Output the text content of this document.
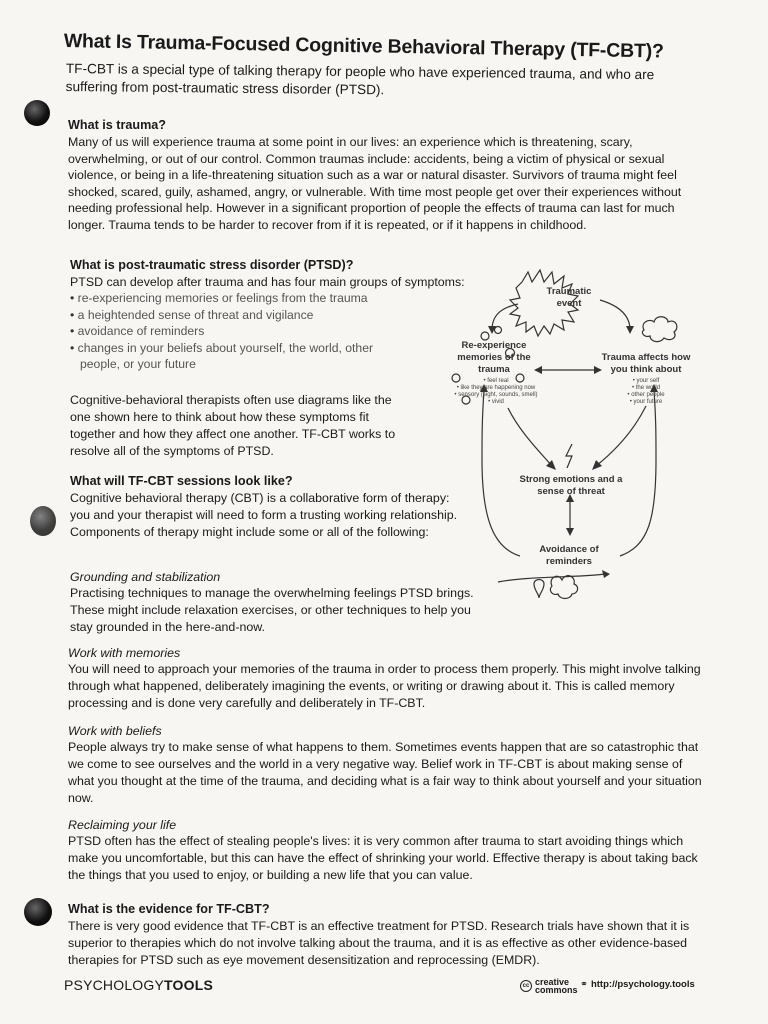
What Is Trauma-Focused Cognitive Behavioral Therapy (TF-CBT)?

TF-CBT is a special type of talking therapy for people who have experienced trauma, and who are suffering from post-traumatic stress disorder (PTSD).

What is trauma?

Many of us will experience trauma at some point in our lives: an experience which is threatening, scary, overwhelming, or out of our control. Common traumas include: accidents, being a victim of physical or sexual violence, or being in a life-threatening situation such as a war or natural disaster. Survivors of trauma might feel shocked, scared, guily, ashamed, angry, or vulnerable. With time most people get over their experiences without needing professional help. However in a significant proportion of people the effects of trauma can last for much longer. Trauma tends to be harder to recover from if it is repeated, or if it happens in childhood.

What is post-traumatic stress disorder (PTSD)?

PTSD can develop after trauma and has four main groups of symptoms:

• re-experiencing memories or feelings from the trauma
• a heightended sense of threat and vigilance
• avoidance of reminders
• changes in your beliefs about yourself, the world, other people, or your future

Cognitive-behavioral therapists often use diagrams like the one shown here to think about how these symptoms fit together and how they affect one another. TF-CBT works to resolve all of the symptoms of PTSD.

What will TF-CBT sessions look like?

Cognitive behavioral therapy (CBT) is a collaborative form of therapy: you and your therapist will need to form a trusting working relationship. Components of therapy might include some or all of the following:

Grounding and stabilization

Practising techniques to manage the overwhelming feelings PTSD brings. These might include relaxation exercises, or other techniques to help you stay grounded in the here-and-now.

Work with memories

You will need to approach your memories of the trauma in order to process them properly. This might involve talking through what happened, deliberately imagining the events, or writing or drawing about it. This is called memory processing and is done very carefully and deliberately in TF-CBT.

Work with beliefs

People always try to make sense of what happens to them. Sometimes events happen that are so catastrophic that we come to see ourselves and the world in a very negative way. Belief work in TF-CBT is about making sense of what you thought at the time of the trauma, and deciding what is a fair way to think about yourself and your situation now.

Reclaiming your life

PTSD often has the effect of stealing people's lives: it is very common after trauma to start avoiding things which make you uncomfortable, but this can have the effect of shrinking your world. Effective therapy is about taking back the things that you used to enjoy, or building a new life that you can value.

What is the evidence for TF-CBT?

There is very good evidence that TF-CBT is an effective treatment for PTSD. Research trials have shown that it is superior to therapies which do not involve talking about the trauma, and it is as effective as other evidence-based therapies for PTSD such as eye movement desensitization and reprocessing (EMDR).

Traumatic event
Re-experience memories of the trauma
• feel real
• like they are happening now
• sensory (sight, sounds, smell)
• vivid
Trauma affects how you think about
• your self
• the world
• other people
• your future
Strong emotions and a sense of threat
Avoidance of reminders
PSYCHOLOGYTOOLS	cc creative
commons ⚭ http://psychology.tools
